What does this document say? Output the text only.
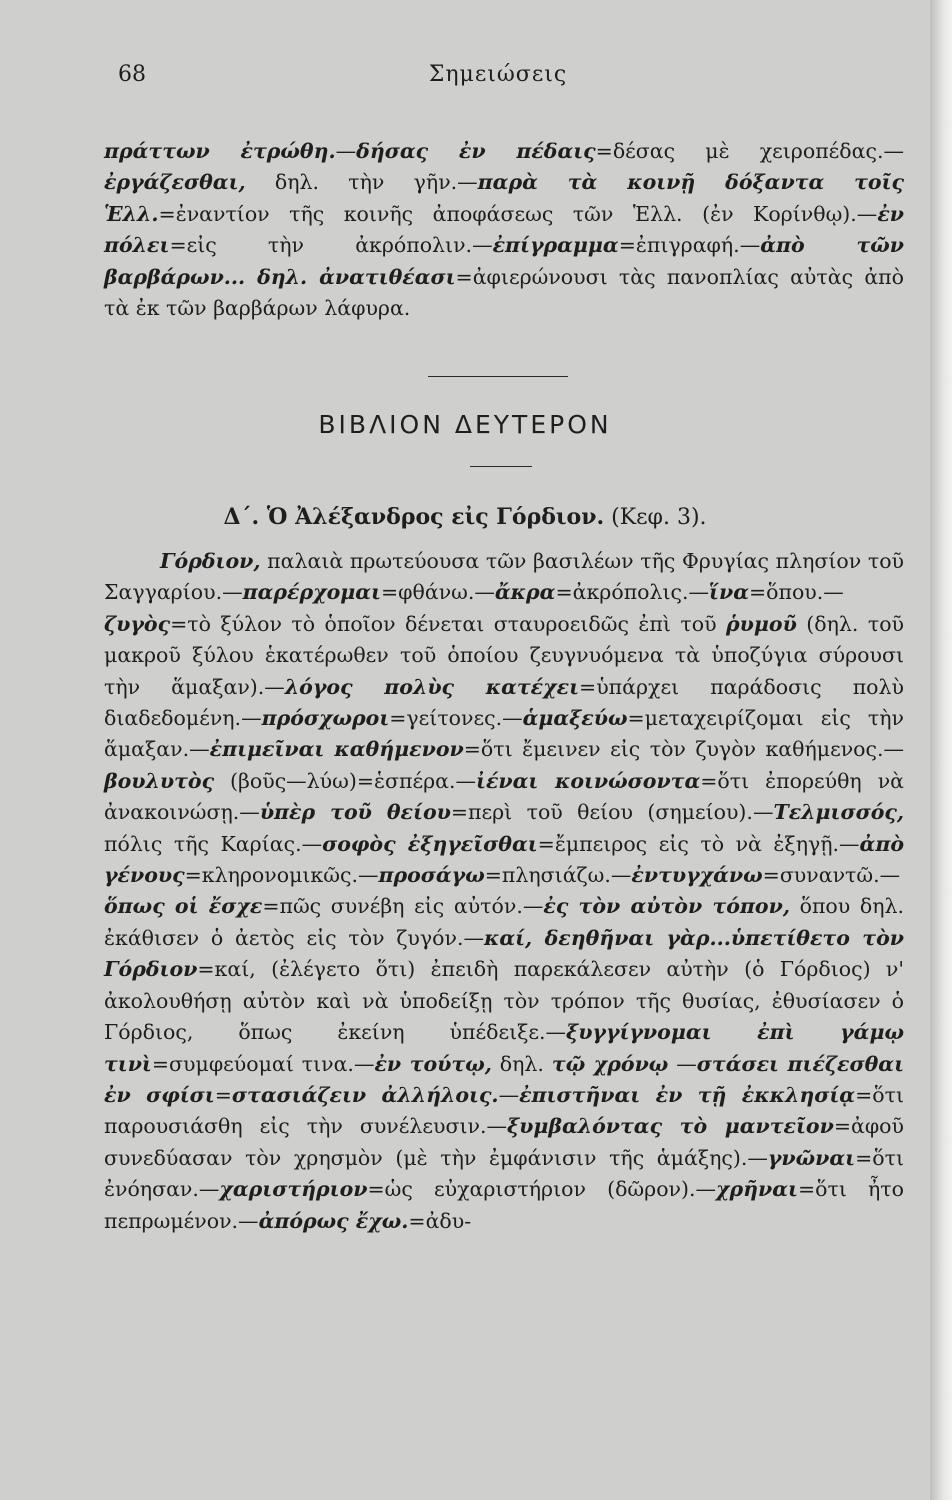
68	Σημειώσεις

πράττων ἐτρώθη.—δήσας ἐν πέδαις=δέσας μὲ χειροπέδας.—ἐργάζεσθαι, δηλ. τὴν γῆν.—παρὰ τὰ κοινῇ δόξαντα τοῖς Ἑλλ.=ἐναντίον τῆς κοινῆς ἀποφάσεως τῶν Ἑλλ. (ἐν Κορίνθῳ).—ἐν πόλει=εἰς τὴν ἀκρόπολιν.—ἐπίγραμμα=ἐπιγραφή.—ἀπὸ τῶν βαρβάρων... δηλ. ἀνατιθέασι=ἀφιερώνουσι τὰς πανοπλίας αὐτὰς ἀπὸ τὰ ἐκ τῶν βαρβάρων λάφυρα.

ΒΙΒΛΙΟΝ ΔΕΥΤΕΡΟΝ
Δ΄. Ὁ Ἀλέξανδρος εἰς Γόρδιον. (Κεφ. 3).

Γόρδιον, παλαιὰ πρωτεύουσα τῶν βασιλέων τῆς Φρυγίας πλησίον τοῦ Σαγγαρίου.—παρέρχομαι=φθάνω.—ἄκρα=ἀκρόπολις.—ἵνα=ὅπου.—ζυγὸς=τὸ ξύλον τὸ ὁποῖον δένεται σταυροειδῶς ἐπὶ τοῦ ῥυμοῦ (δηλ. τοῦ μακροῦ ξύλου ἑκατέρωθεν τοῦ ὁποίου ζευγνυόμενα τὰ ὑποζύγια σύρουσι τὴν ἅμαξαν).—λόγος πολὺς κατέχει=ὑπάρχει παράδοσις πολὺ διαδεδομένη.—πρόσχωροι=γείτονες.—ἁμαξεύω=μεταχειρίζομαι εἰς τὴν ἅμαξαν.—ἐπιμεῖναι καθήμενον=ὅτι ἔμεινεν εἰς τὸν ζυγὸν καθήμενος.—βουλυτὸς (βοῦς—λύω)=ἑσπέρα.—ἰέναι κοινώσοντα=ὅτι ἐπορεύθη νὰ ἀνακοινώσῃ.—ὑπὲρ τοῦ θείου=περὶ τοῦ θείου (σημείου).—Τελμισσός, πόλις τῆς Καρίας.—σοφὸς ἐξηγεῖσθαι=ἔμπειρος εἰς τὸ νὰ ἐξηγῇ.—ἀπὸ γένους=κληρονομικῶς.—προσάγω=πλησιάζω.—ἐντυγχάνω=συναντῶ.—ὅπως οἱ ἔσχε=πῶς συνέβη εἰς αὐτόν.—ἐς τὸν αὐτὸν τόπον, ὅπου δηλ. ἐκάθισεν ὁ ἀετὸς εἰς τὸν ζυγόν.—καί, δεηθῆναι γὰρ...ὑπετίθετο τὸν Γόρδιον=καί, (ἐλέγετο ὅτι) ἐπειδὴ παρεκάλεσεν αὐτὴν (ὁ Γόρδιος) ν' ἀκολουθήσῃ αὐτὸν καὶ νὰ ὑποδείξῃ τὸν τρόπον τῆς θυσίας, ἐθυσίασεν ὁ Γόρδιος, ὅπως ἐκείνη ὑπέδειξε.—ξυγγίγνομαι ἐπὶ γάμῳ τινὶ=συμφεύομαί τινα.—ἐν τούτῳ, δηλ. τῷ χρόνῳ —στάσει πιέζεσθαι ἐν σφίσι=στασιάζειν ἀλλήλοις.—ἐπιστῆναι ἐν τῇ ἐκκλησίᾳ=ὅτι παρουσιάσθη εἰς τὴν συνέλευσιν.—ξυμβαλόντας τὸ μαντεῖον=ἀφοῦ συνεδύασαν τὸν χρησμὸν (μὲ τὴν ἐμφάνισιν τῆς ἁμάξης).—γνῶναι=ὅτι ἐνόησαν.—χαριστήριον=ὡς εὐχαριστήριον (δῶρον).—χρῆναι=ὅτι ἦτο πεπρωμένον.—ἀπόρως ἔχω.=ἀδυ-
